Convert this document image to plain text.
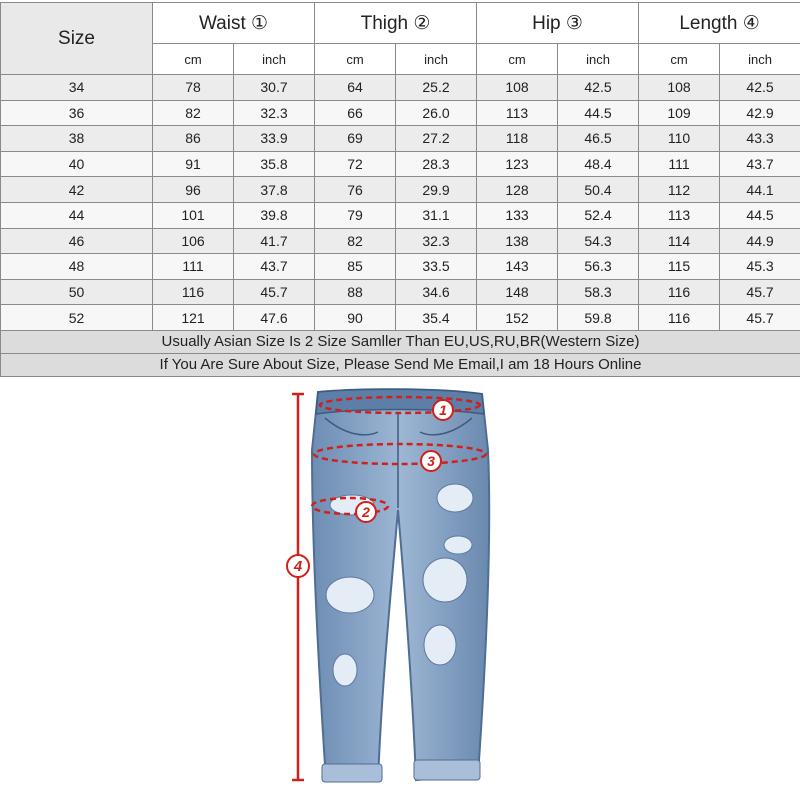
Size	Waist ①		Thigh ②		Hip ③		Length ④	
	cm	inch	cm	inch	cm	inch	cm	inch
34	78	30.7	64	25.2	108	42.5	108	42.5
36	82	32.3	66	26.0	113	44.5	109	42.9
38	86	33.9	69	27.2	118	46.5	110	43.3
40	91	35.8	72	28.3	123	48.4	111	43.7
42	96	37.8	76	29.9	128	50.4	112	44.1
44	101	39.8	79	31.1	133	52.4	113	44.5
46	106	41.7	82	32.3	138	54.3	114	44.9
48	111	43.7	85	33.5	143	56.3	115	45.3
50	116	45.7	88	34.6	148	58.3	116	45.7
52	121	47.6	90	35.4	152	59.8	116	45.7
Usually Asian Size Is 2 Size Samller Than EU,US,RU,BR(Western Size)								
If You Are Sure About Size, Please Send Me Email,I am 18 Hours Online								
1
2
3
4
